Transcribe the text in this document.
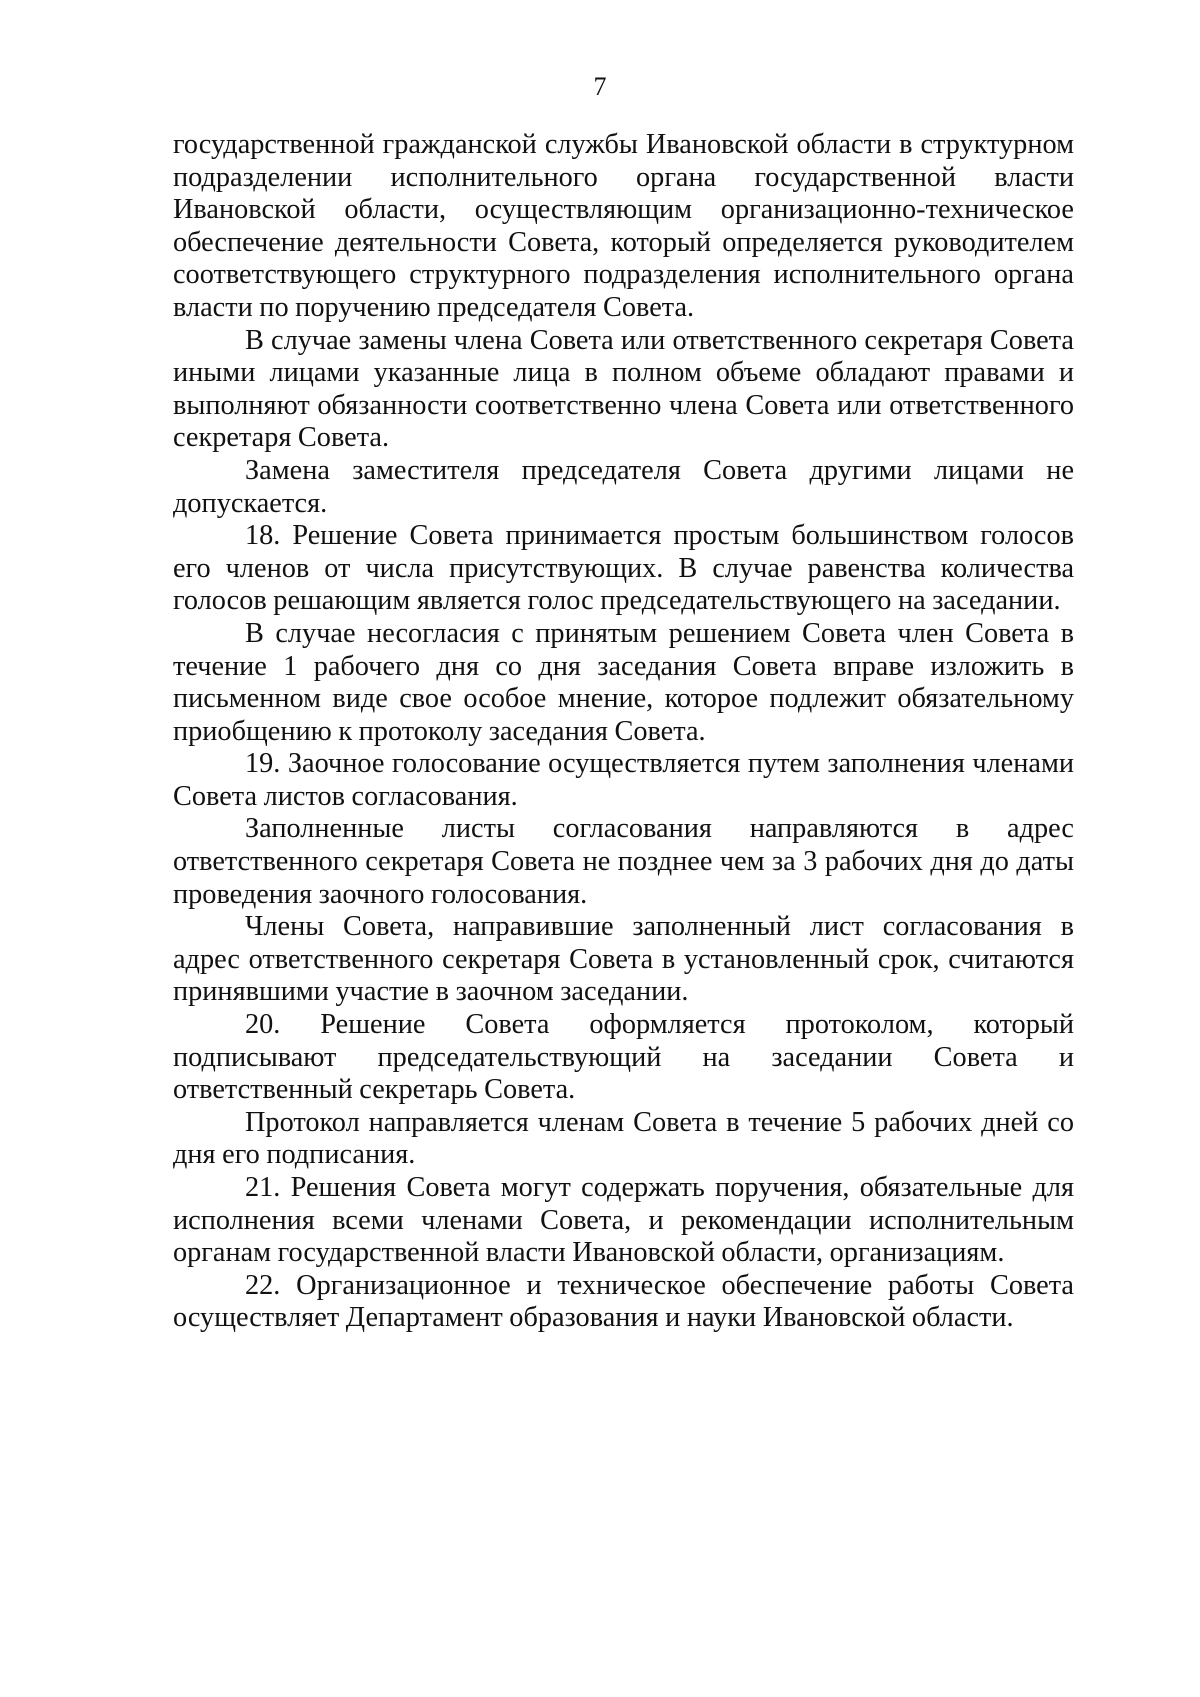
7

государственной гражданской службы Ивановской области в структурном подразделении исполнительного органа государственной власти Ивановской области, осуществляющим организационно-техническое обеспечение деятельности Совета, который определяется руководителем соответствующего структурного подразделения исполнительного органа власти по поручению председателя Совета.

В случае замены члена Совета или ответственного секретаря Совета иными лицами указанные лица в полном объеме обладают правами и выполняют обязанности соответственно члена Совета или ответственного секретаря Совета.

Замена заместителя председателя Совета другими лицами не допускается.

18. Решение Совета принимается простым большинством голосов его членов от числа присутствующих. В случае равенства количества голосов решающим является голос председательствующего на заседании.

В случае несогласия с принятым решением Совета член Совета в течение 1 рабочего дня со дня заседания Совета вправе изложить в письменном виде свое особое мнение, которое подлежит обязательному приобщению к протоколу заседания Совета.

19. Заочное голосование осуществляется путем заполнения членами Совета листов согласования.

Заполненные листы согласования направляются в адрес ответственного секретаря Совета не позднее чем за 3 рабочих дня до даты проведения заочного голосования.

Члены Совета, направившие заполненный лист согласования в адрес ответственного секретаря Совета в установленный срок, считаются принявшими участие в заочном заседании.

20. Решение Совета оформляется протоколом, который подписывают председательствующий на заседании Совета и ответственный секретарь Совета.

Протокол направляется членам Совета в течение 5 рабочих дней со дня его подписания.

21. Решения Совета могут содержать поручения, обязательные для исполнения всеми членами Совета, и рекомендации исполнительным органам государственной власти Ивановской области, организациям.

22. Организационное и техническое обеспечение работы Совета осуществляет Департамент образования и науки Ивановской области.
